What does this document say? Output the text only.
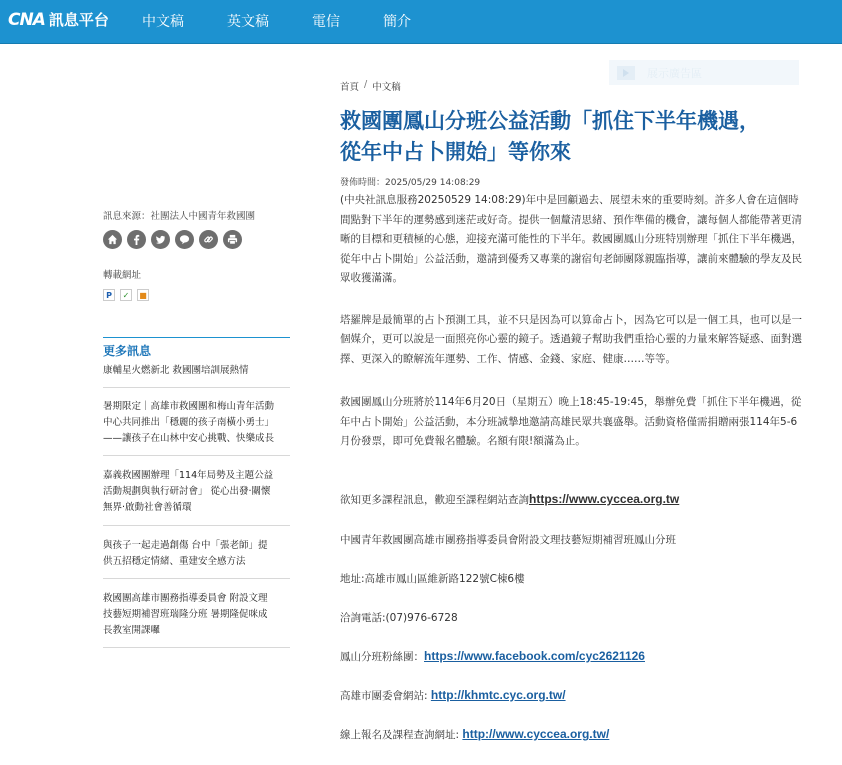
CNA 訊息平台 中文稿	英文稿	電信	簡介
展示廣告區
訊息來源：社團法人中國青年救國團
轉載網址
P	✓	■
更多訊息
康輔星火燃新北 救國團培訓展熱情
暑期限定｜高雄市救國團和梅山青年活動
中心共同推出「穩麗的孩子南橫小勇士」
——讓孩子在山林中安心挑戰、快樂成長
嘉義救國團辦理「114年局勢及主題公益
活動規劃與執行研討會」 從心出發·關懷
無界·啟動社會善循環
與孩子一起走過創傷 台中「張老師」提
供五招穩定情緒、重建安全感方法
救國團高雄市團務指導委員會 附設文理
技藝短期補習班瑞隆分班 暑期隆促咪成
長教室開課囉
首頁 / 中文稿
救國團鳳山分班公益活動「抓住下半年機遇，
從年中占卜開始」等你來
發佈時間：2025/05/29 14:08:29

(中央社訊息服務20250529 14:08:29)年中是回顧過去、展望未來的重要時刻。許多人會在這個時間點對下半年的運勢感到迷茫或好奇。提供一個釐清思緒、預作準備的機會，讓每個人都能帶著更清晰的目標和更積極的心態，迎接充滿可能性的下半年。救國團鳳山分班特別辦理「抓住下半年機遇，從年中占卜開始」公益活動，邀請到優秀又專業的謝宿旬老師團隊親臨指導，讓前來體驗的學友及民眾收獲滿滿。

塔羅牌是最簡單的占卜預測工具，並不只是因為可以算命占卜，因為它可以是一個工具，也可以是一個媒介，更可以說是一面照亮你心靈的鏡子。透過鏡子幫助我們重拾心靈的力量來解答疑惑、面對選擇、更深入的瞭解流年運勢、工作、情感、金錢、家庭、健康……等等。

救國團鳳山分班將於114年6月20日（星期五）晚上18:45-19:45，舉辦免費「抓住下半年機遇，從年中占卜開始」公益活動，本分班誠摯地邀請高雄民眾共襄盛舉。活動資格僅需捐贈兩張114年5-6月份發票，即可免費報名體驗。名額有限!額滿為止。

欲知更多課程訊息，歡迎至課程網站查詢https://www.cyccea.org.tw
中國青年救國團高雄市團務指導委員會附設文理技藝短期補習班鳳山分班
地址:高雄市鳳山區維新路122號C棟6樓
洽詢電話:(07)976-6728
鳳山分班粉絲團：https://www.facebook.com/cyc2621126
高雄市團委會網站: http://khmtc.cyc.org.tw/
線上報名及課程查詢網址: http://www.cyccea.org.tw/
